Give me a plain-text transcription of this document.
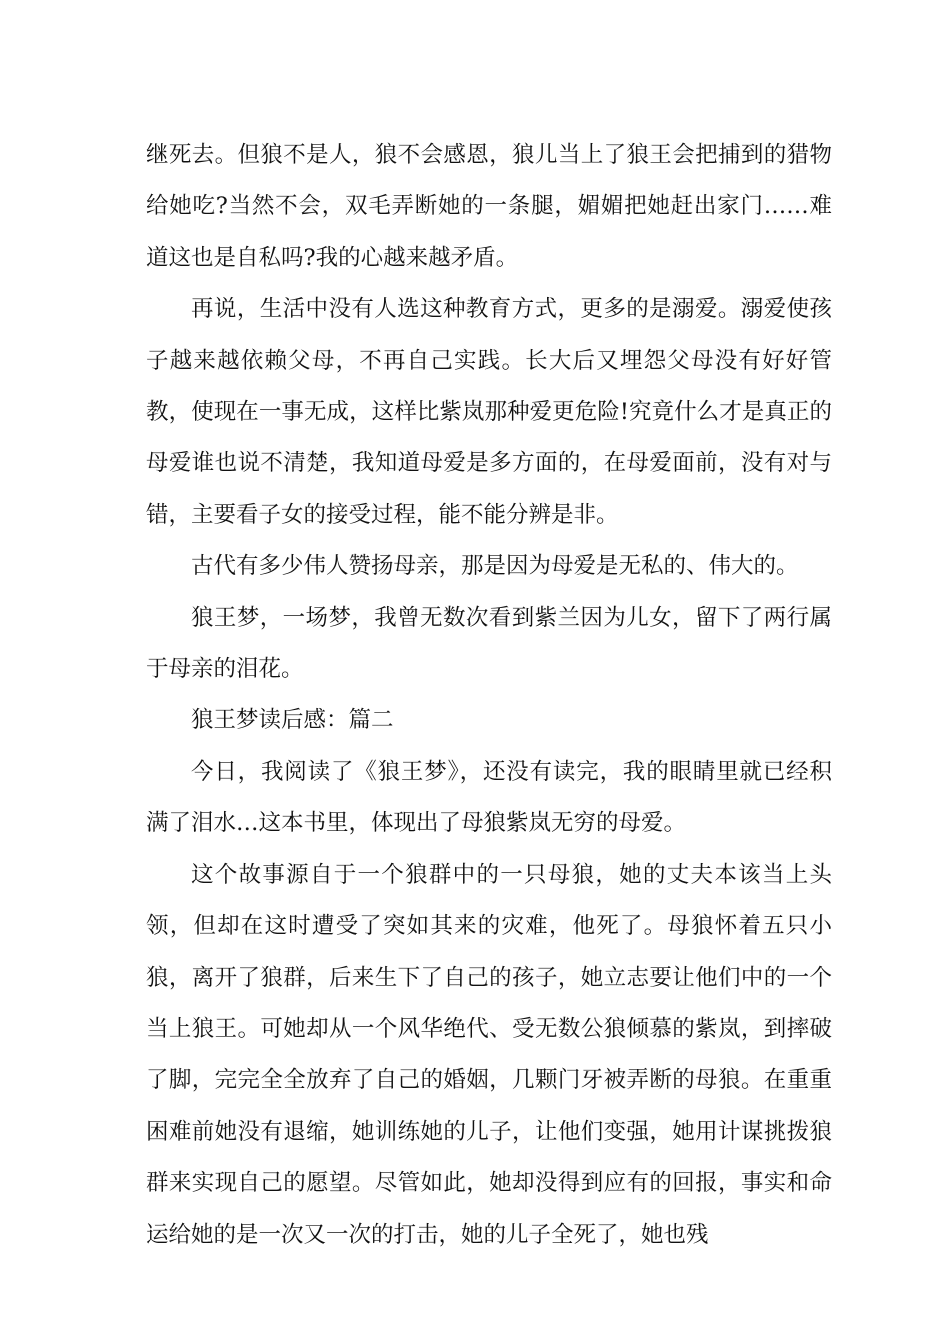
继死去。但狼不是人，狼不会感恩，狼儿当上了狼王会把捕到的猎物给她吃?当然不会，双毛弄断她的一条腿，媚媚把她赶出家门……难道这也是自私吗?我的心越来越矛盾。

再说，生活中没有人选这种教育方式，更多的是溺爱。溺爱使孩子越来越依赖父母，不再自己实践。长大后又埋怨父母没有好好管教，使现在一事无成，这样比紫岚那种爱更危险!究竟什么才是真正的母爱谁也说不清楚，我知道母爱是多方面的，在母爱面前，没有对与错，主要看子女的接受过程，能不能分辨是非。

古代有多少伟人赞扬母亲，那是因为母爱是无私的、伟大的。

狼王梦，一场梦，我曾无数次看到紫兰因为儿女，留下了两行属于母亲的泪花。

狼王梦读后感：篇二

今日，我阅读了《狼王梦》，还没有读完，我的眼睛里就已经积满了泪水…这本书里，体现出了母狼紫岚无穷的母爱。

这个故事源自于一个狼群中的一只母狼，她的丈夫本该当上头领，但却在这时遭受了突如其来的灾难，他死了。母狼怀着五只小狼，离开了狼群，后来生下了自己的孩子，她立志要让他们中的一个当上狼王。可她却从一个风华绝代、受无数公狼倾慕的紫岚，到摔破了脚，完完全全放弃了自己的婚姻，几颗门牙被弄断的母狼。在重重困难前她没有退缩，她训练她的儿子，让他们变强，她用计谋挑拨狼群来实现自己的愿望。尽管如此，她却没得到应有的回报，事实和命运给她的是一次又一次的打击，她的儿子全死了，她也残
